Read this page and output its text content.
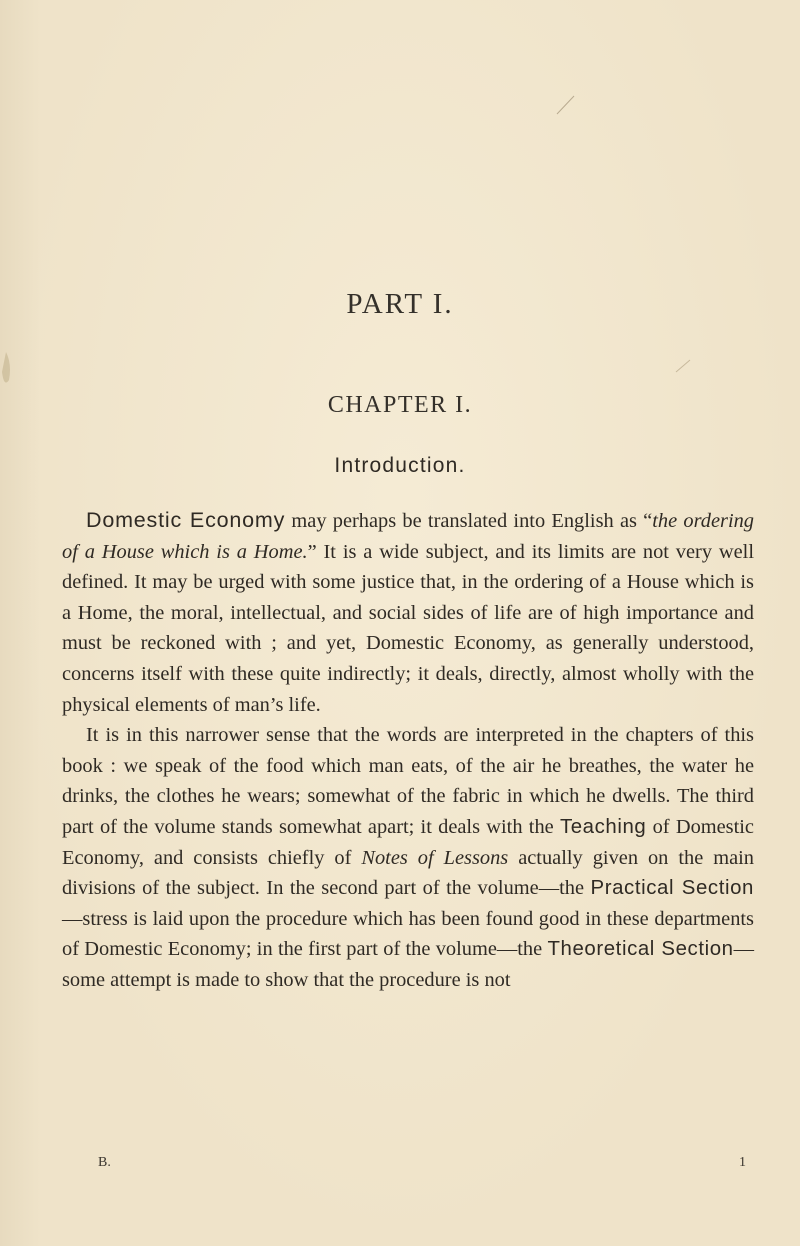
PART I.
CHAPTER I.
Introduction.

Domestic Economy may perhaps be translated into English as “the ordering of a House which is a Home.” It is a wide subject, and its limits are not very well defined. It may be urged with some justice that, in the ordering of a House which is a Home, the moral, intellectual, and social sides of life are of high importance and must be reckoned with ; and yet, Domestic Economy, as generally understood, concerns itself with these quite indirectly; it deals, directly, almost wholly with the physical elements of man’s life.

It is in this narrower sense that the words are interpreted in the chapters of this book : we speak of the food which man eats, of the air he breathes, the water he drinks, the clothes he wears; somewhat of the fabric in which he dwells. The third part of the volume stands somewhat apart; it deals with the Teaching of Domestic Economy, and consists chiefly of Notes of Lessons actually given on the main divisions of the subject. In the second part of the volume—the Practical Section—stress is laid upon the procedure which has been found good in these departments of Domestic Economy; in the first part of the volume—the Theoretical Section— some attempt is made to show that the procedure is not

B.	1
